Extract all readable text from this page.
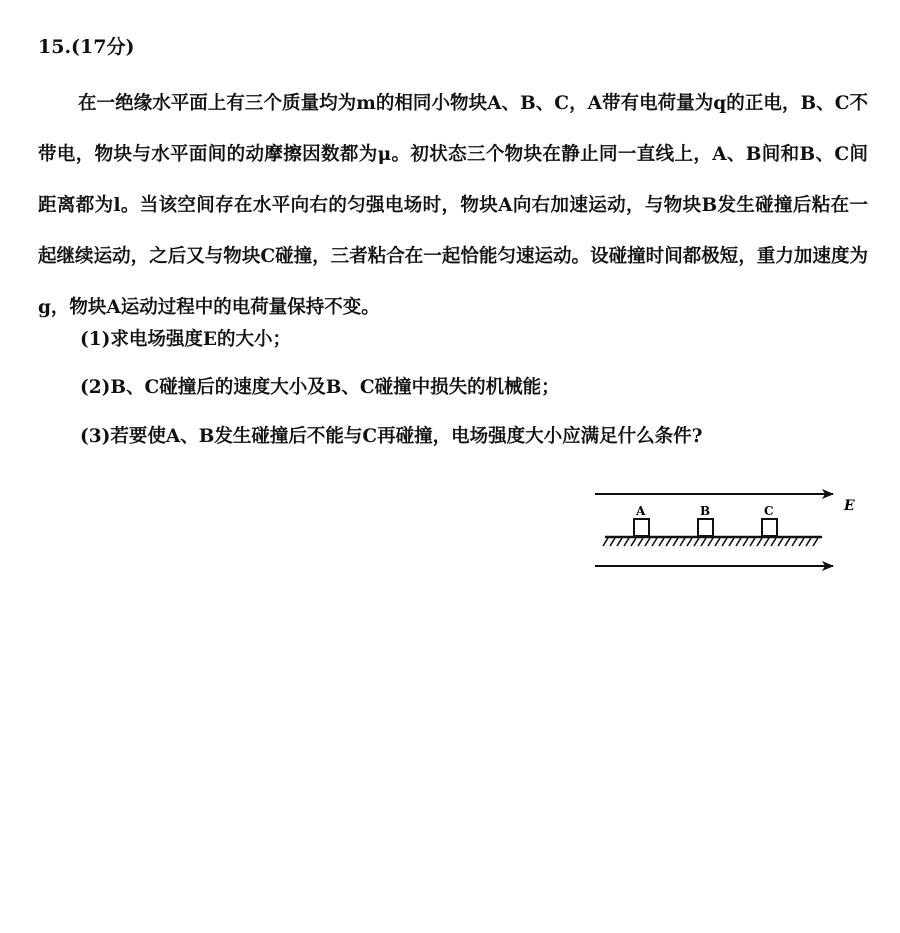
15.(17分)

在一绝缘水平面上有三个质量均为m的相同小物块A、B、C，A带有电荷量为q的正电，B、C不带电，物块与水平面间的动摩擦因数都为μ。初状态三个物块在静止同一直线上，A、B间和B、C间距离都为l。当该空间存在水平向右的匀强电场时，物块A向右加速运动，与物块B发生碰撞后粘在一起继续运动，之后又与物块C碰撞，三者粘合在一起恰能匀速运动。设碰撞时间都极短，重力加速度为g，物块A运动过程中的电荷量保持不变。

(1)求电场强度E的大小；

(2)B、C碰撞后的速度大小及B、C碰撞中损失的机械能；

(3)若要使A、B发生碰撞后不能与C再碰撞，电场强度大小应满足什么条件?

E
A	B	C
